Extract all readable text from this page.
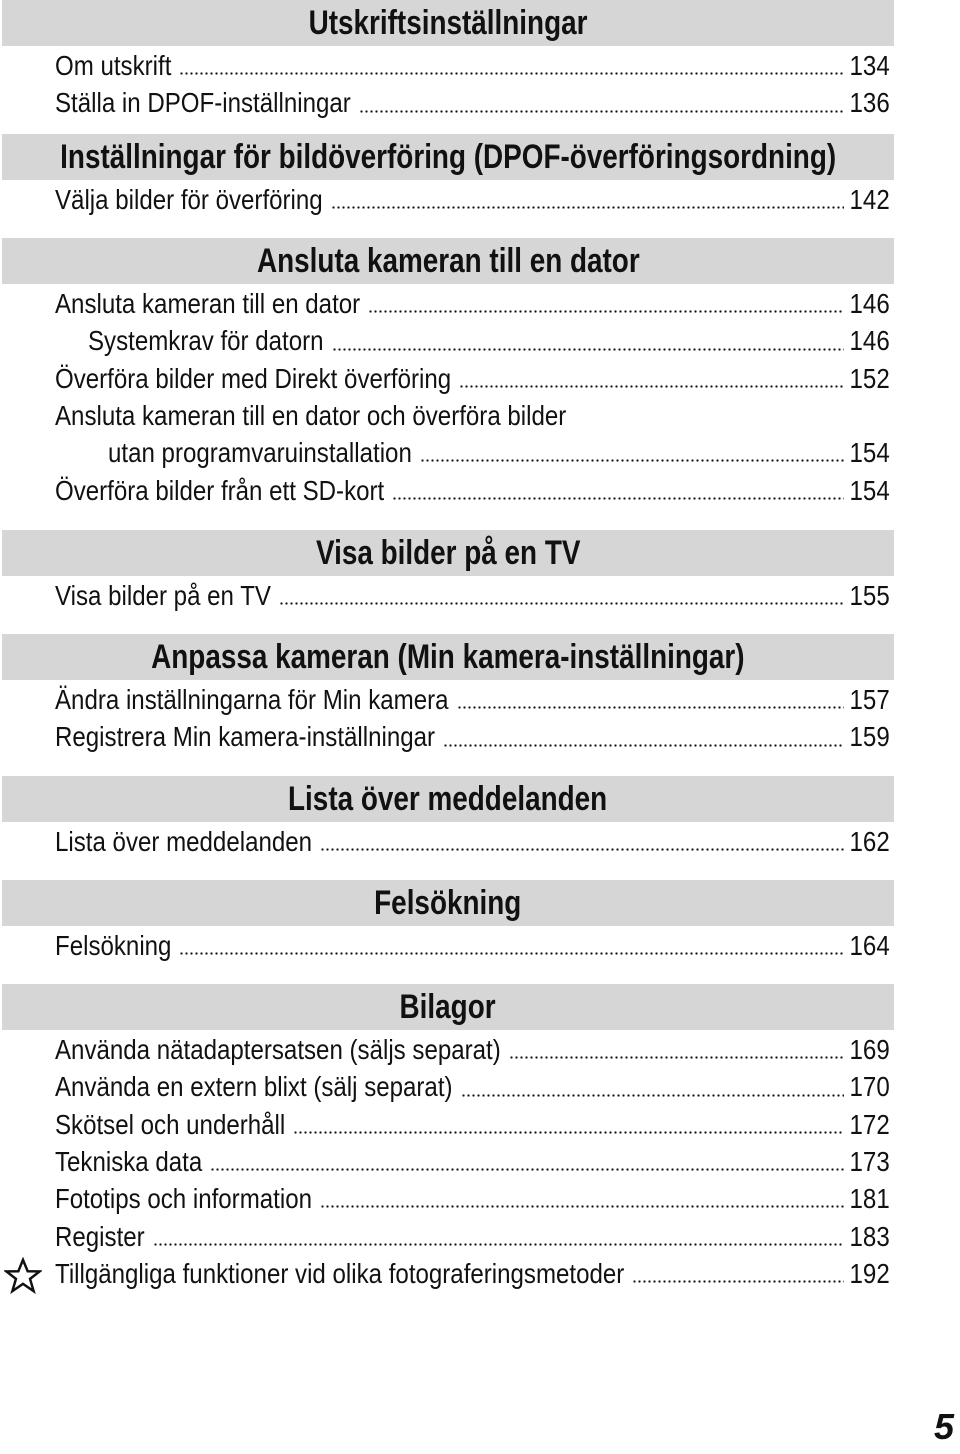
Utskriftsinställningar
Om utskrift	134
Ställa in DPOF-inställningar	136
Inställningar för bildöverföring (DPOF-överföringsordning)
Välja bilder för överföring	142
Ansluta kameran till en dator
Ansluta kameran till en dator	146
Systemkrav för datorn	146
Överföra bilder med Direkt överföring	152
Ansluta kameran till en dator och överföra bilder
utan programvaruinstallation	154
Överföra bilder från ett SD-kort	154
Visa bilder på en TV
Visa bilder på en TV	155
Anpassa kameran (Min kamera-inställningar)
Ändra inställningarna för Min kamera	157
Registrera Min kamera-inställningar	159
Lista över meddelanden
Lista över meddelanden	162
Felsökning
Felsökning	164
Bilagor
Använda nätadaptersatsen (säljs separat)	169
Använda en extern blixt (sälj separat)	170
Skötsel och underhåll	172
Tekniska data	173
Fototips och information	181
Register	183
Tillgängliga funktioner vid olika fotograferingsmetoder	192
5
